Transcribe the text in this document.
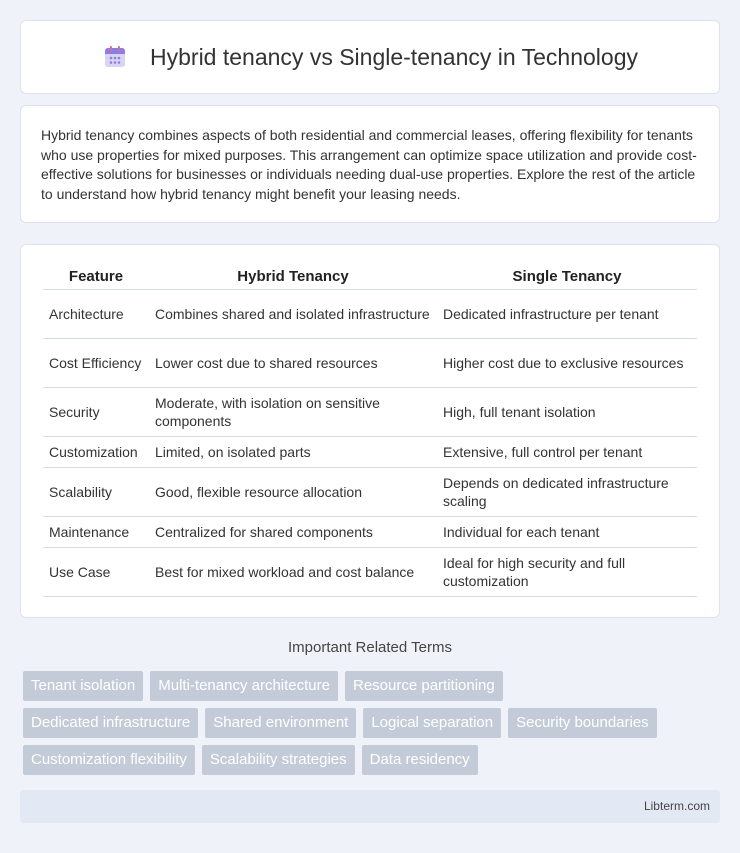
Hybrid tenancy vs Single-tenancy in Technology

Hybrid tenancy combines aspects of both residential and commercial leases, offering flexibility for tenants who use properties for mixed purposes. This arrangement can optimize space utilization and provide cost-effective solutions for businesses or individuals needing dual-use properties. Explore the rest of the article to understand how hybrid tenancy might benefit your leasing needs.

Feature	Hybrid Tenancy	Single Tenancy
Architecture	Combines shared and isolated infrastructure	Dedicated infrastructure per tenant
Cost Efficiency	Lower cost due to shared resources	Higher cost due to exclusive resources
Security	Moderate, with isolation on sensitive components	High, full tenant isolation
Customization	Limited, on isolated parts	Extensive, full control per tenant
Scalability	Good, flexible resource allocation	Depends on dedicated infrastructure scaling
Maintenance	Centralized for shared components	Individual for each tenant
Use Case	Best for mixed workload and cost balance	Ideal for high security and full customization
Important Related Terms
Tenant isolation	Multi-tenancy architecture	Resource partitioning
Dedicated infrastructure	Shared environment	Logical separation	Security boundaries
Customization flexibility	Scalability strategies	Data residency
Libterm.com
